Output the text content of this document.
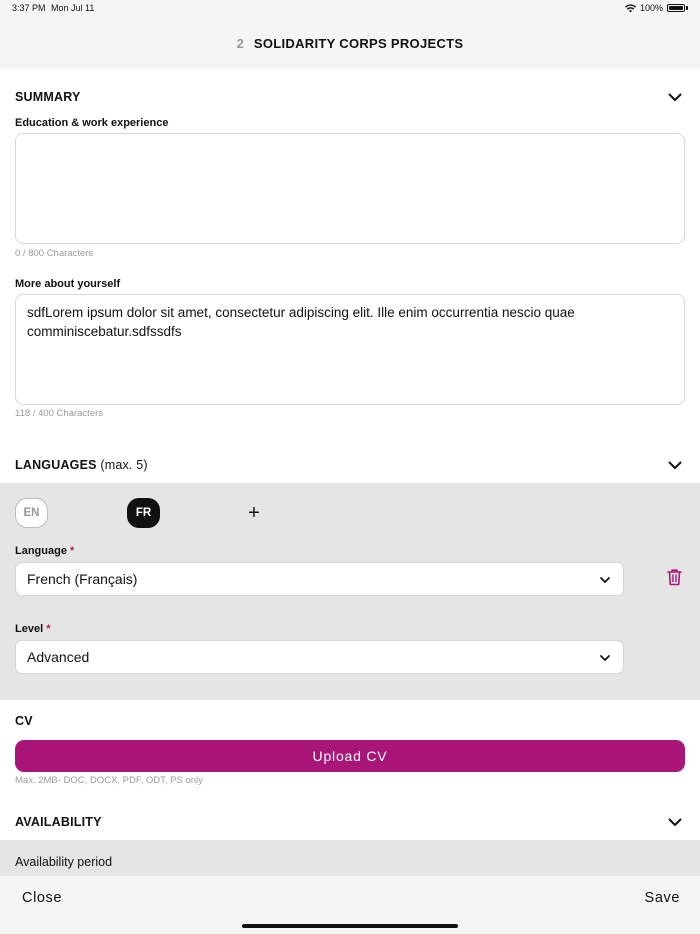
3:37 PM Mon Jul 11	100%
2 SOLIDARITY CORPS PROJECTS
SUMMARY
Education & work experience
0 / 800 Characters
More about yourself
sdfLorem ipsum dolor sit amet, consectetur adipiscing elit. Ille enim occurrentia nescio quae comminiscebatur.sdfssdfs
118 / 400 Characters
LANGUAGES (max. 5)
EN	FR	+
Language *
French (Français)
Level *
Advanced
CV
Upload CV
Max. 2MB- DOC, DOCX, PDF, ODT, PS only
AVAILABILITY
Availability period
Close	Save
